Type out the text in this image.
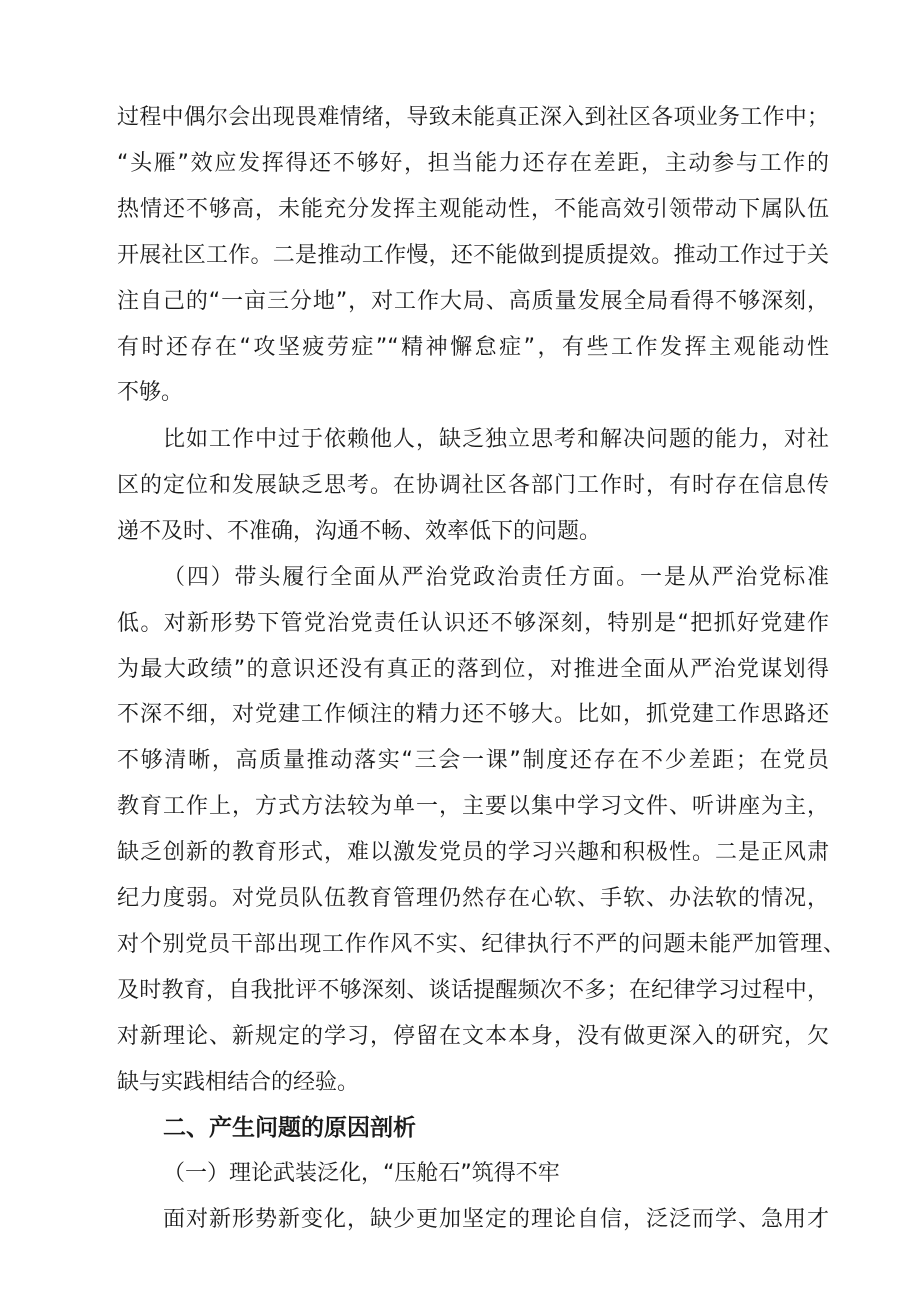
过程中偶尔会出现畏难情绪，导致未能真正深入到社区各项业务工作中；
“头雁”效应发挥得还不够好，担当能力还存在差距，主动参与工作的
热情还不够高，未能充分发挥主观能动性，不能高效引领带动下属队伍
开展社区工作。二是推动工作慢，还不能做到提质提效。推动工作过于关
注自己的“一亩三分地”，对工作大局、高质量发展全局看得不够深刻，
有时还存在“攻坚疲劳症”“精神懈怠症”，有些工作发挥主观能动性
不够。
比如工作中过于依赖他人，缺乏独立思考和解决问题的能力，对社
区的定位和发展缺乏思考。在协调社区各部门工作时，有时存在信息传
递不及时、不准确，沟通不畅、效率低下的问题。
（四）带头履行全面从严治党政治责任方面。一是从严治党标准
低。对新形势下管党治党责任认识还不够深刻，特别是“把抓好党建作
为最大政绩”的意识还没有真正的落到位，对推进全面从严治党谋划得
不深不细，对党建工作倾注的精力还不够大。比如，抓党建工作思路还
不够清晰，高质量推动落实“三会一课”制度还存在不少差距；在党员
教育工作上，方式方法较为单一，主要以集中学习文件、听讲座为主，
缺乏创新的教育形式，难以激发党员的学习兴趣和积极性。二是正风肃
纪力度弱。对党员队伍教育管理仍然存在心软、手软、办法软的情况，
对个别党员干部出现工作作风不实、纪律执行不严的问题未能严加管理、
及时教育，自我批评不够深刻、谈话提醒频次不多；在纪律学习过程中，
对新理论、新规定的学习，停留在文本本身，没有做更深入的研究，欠
缺与实践相结合的经验。
二、产生问题的原因剖析
（一）理论武装泛化，“压舱石”筑得不牢
面对新形势新变化，缺少更加坚定的理论自信，泛泛而学、急用才
